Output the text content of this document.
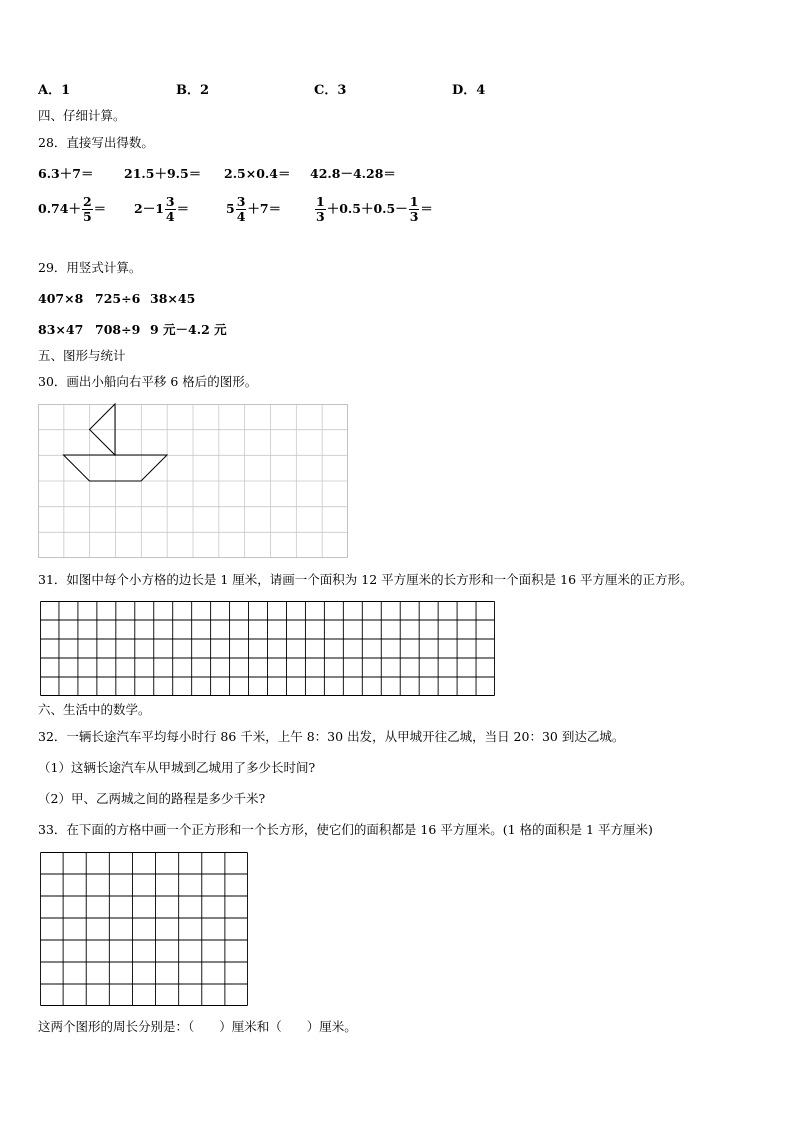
A．1	B．2	C．3	D．4
四、仔细计算。
28．直接写出得数。
6.3＋7＝ 21.5＋9.5＝ 2.5×0.4＝ 42.8－4.28＝
$0.74+ \frac{2}{5} = 2-1 \frac{3}{4}$ ＝	$5 \frac{3}{4} +7=$	$\frac{1}{3} +0.5+0.5- \frac{1}{3}$ ＝
29．用竖式计算。
407×8 725÷6 38×45
83×47 708÷9 9 元－4.2 元
五、图形与统计
30．画出小船向右平移 6 格后的图形。
31．如图中每个小方格的边长是 1 厘米，请画一个面积为 12 平方厘米的长方形和一个面积是 16 平方厘米的正方形。
六、生活中的数学。
32．一辆长途汽车平均每小时行 86 千米，上午 8：30 出发，从甲城开往乙城，当日 20：30 到达乙城。
（1）这辆长途汽车从甲城到乙城用了多少长时间?
（2）甲、乙两城之间的路程是多少千米?
33．在下面的方格中画一个正方形和一个长方形，使它们的面积都是 16 平方厘米。(1 格的面积是 1 平方厘米)
这两个图形的周长分别是：（　　）厘米和（　　）厘米。
